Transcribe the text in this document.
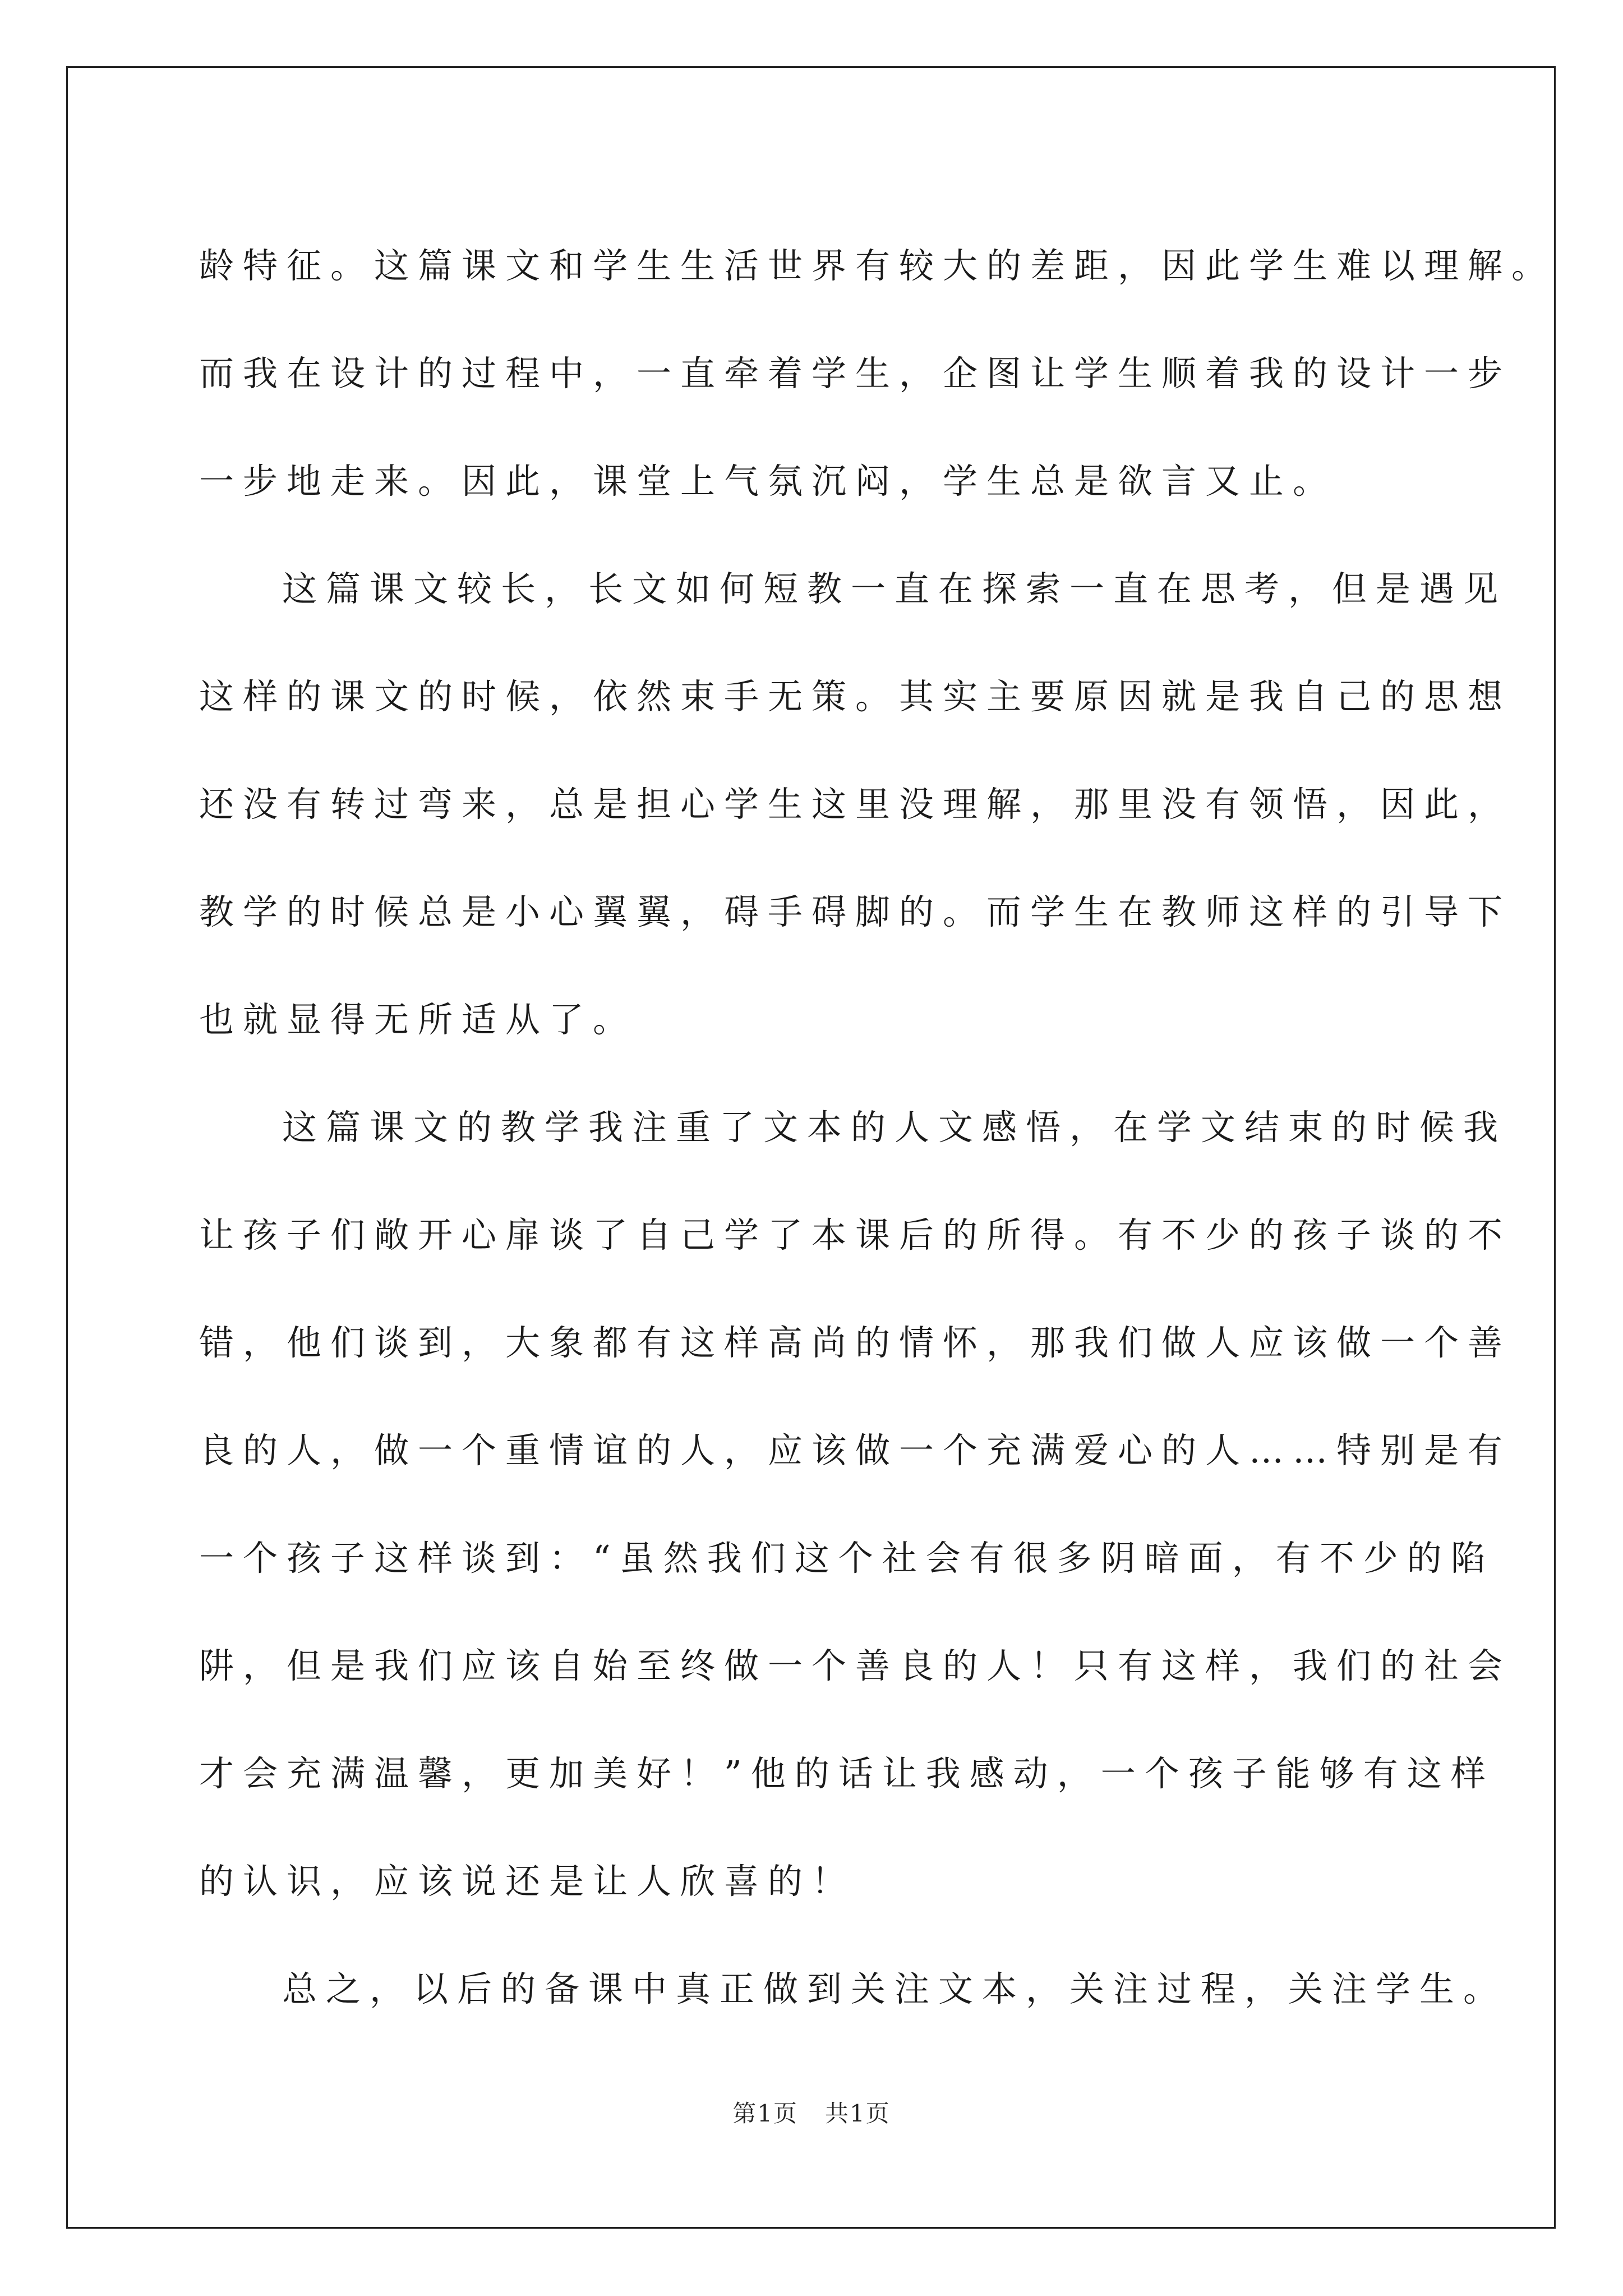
龄特征。这篇课文和学生生活世界有较大的差距，因此学生难以理解。
而我在设计的过程中，一直牵着学生，企图让学生顺着我的设计一步
一步地走来。因此，课堂上气氛沉闷，学生总是欲言又止。

这篇课文较长，长文如何短教一直在探索一直在思考，但是遇见
这样的课文的时候，依然束手无策。其实主要原因就是我自己的思想
还没有转过弯来，总是担心学生这里没理解，那里没有领悟，因此，
教学的时候总是小心翼翼，碍手碍脚的。而学生在教师这样的引导下
也就显得无所适从了。

这篇课文的教学我注重了文本的人文感悟，在学文结束的时候我
让孩子们敞开心扉谈了自己学了本课后的所得。有不少的孩子谈的不
错，他们谈到，大象都有这样高尚的情怀，那我们做人应该做一个善
良的人，做一个重情谊的人，应该做一个充满爱心的人……特别是有
一个孩子这样谈到：“虽然我们这个社会有很多阴暗面，有不少的陷
阱，但是我们应该自始至终做一个善良的人！只有这样，我们的社会
才会充满温馨，更加美好！”他的话让我感动，一个孩子能够有这样
的认识，应该说还是让人欣喜的！

总之，以后的备课中真正做到关注文本，关注过程，关注学生。

第1页 共1页
